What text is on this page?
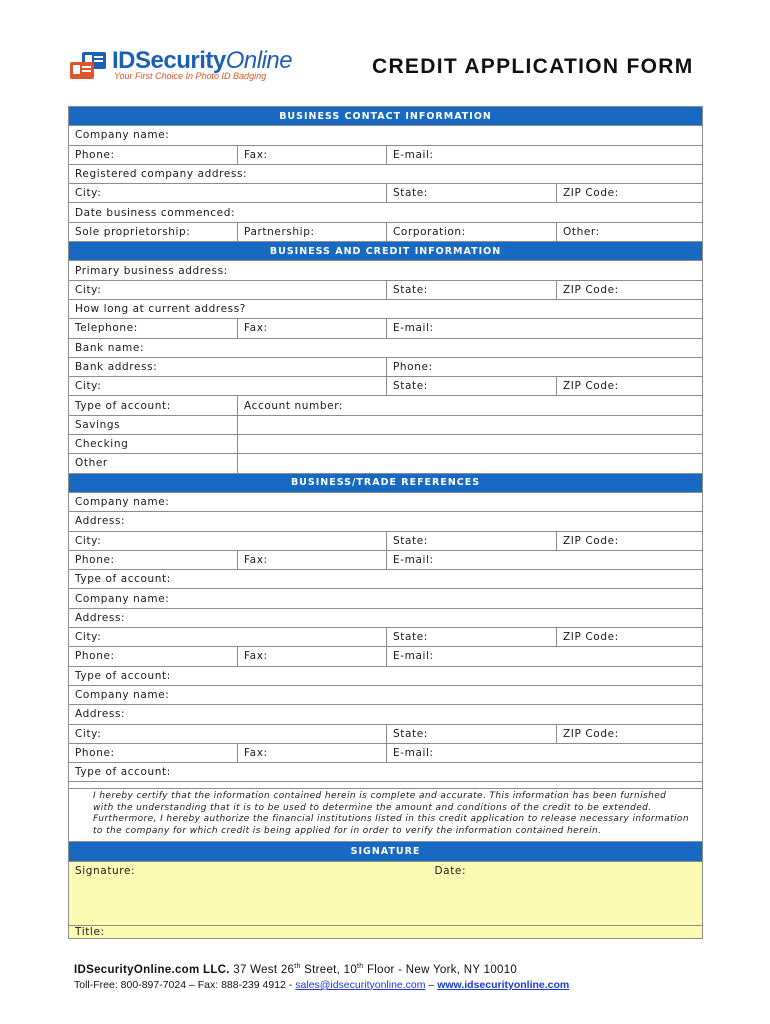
IDSecurityOnline
Your First Choice In Photo ID Badging	CREDIT APPLICATION FORM
BUSINESS CONTACT INFORMATION			
Company name:			
Phone:	Fax:	E-mail:	
Registered company address:			
City:		State:	ZIP Code:
Date business commenced:			
Sole proprietorship:	Partnership:	Corporation:	Other:
BUSINESS AND CREDIT INFORMATION			
Primary business address:			
City:		State:	ZIP Code:
How long at current address?			
Telephone:	Fax:	E-mail:	
Bank name:			
Bank address:		Phone:	
City:		State:	ZIP Code:
Type of account:	Account number:		
Savings			
Checking			
Other			
BUSINESS/TRADE REFERENCES			
Company name:			
Address:			
City:		State:	ZIP Code:
Phone:	Fax:	E-mail:	
Type of account:			
Company name:			
Address:			
City:		State:	ZIP Code:
Phone:	Fax:	E-mail:	
Type of account:			
Company name:			
Address:			
City:		State:	ZIP Code:
Phone:	Fax:	E-mail:	
Type of account:			

I hereby certify that the information contained herein is complete and accurate. This information has been furnished with the understanding that it is to be used to determine the amount and conditions of the credit to be extended. Furthermore, I hereby authorize the financial institutions listed in this credit application to release necessary information to the company for which credit is being applied for in order to verify the information contained herein.			
SIGNATURE			
Signature:		Date:	
Title:			
IDSecurityOnline.com LLC. 37 West 26th Street, 10th Floor - New York, NY 10010
Toll-Free: 800-897-7024 – Fax: 888-239 4912 - sales@idsecurityonline.com – www.idsecurityonline.com
